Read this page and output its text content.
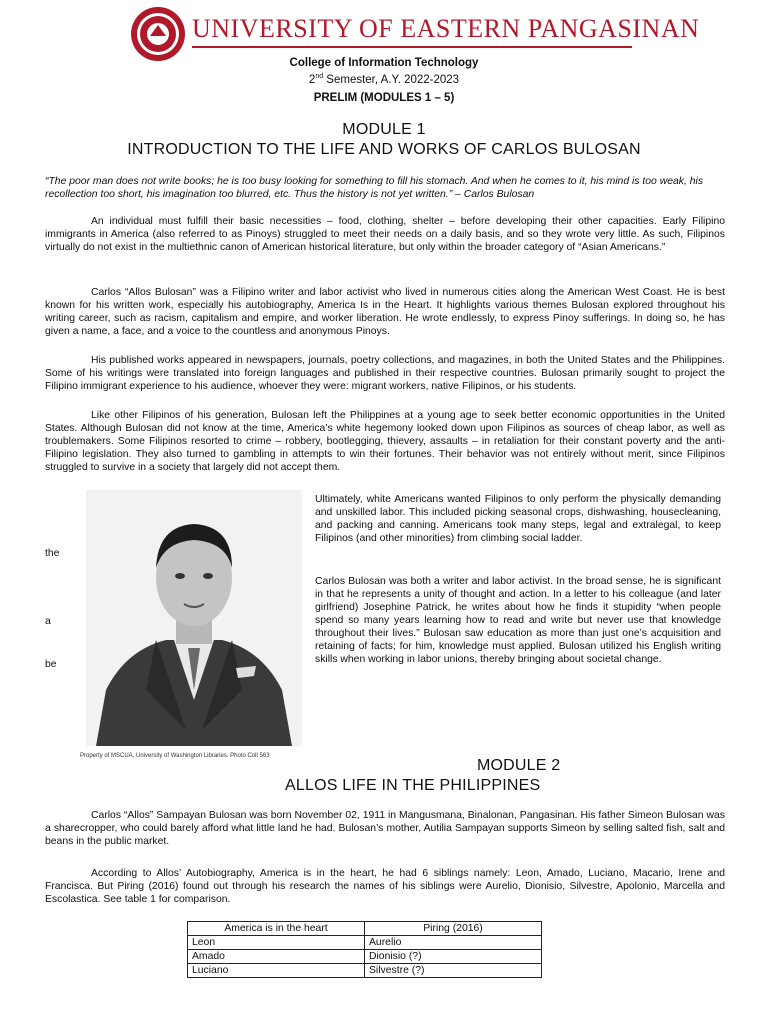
UNIVERSITY OF EASTERN PANGASINAN
College of Information Technology
2nd Semester, A.Y. 2022-2023
PRELIM (MODULES 1 – 5)
MODULE 1
INTRODUCTION TO THE LIFE AND WORKS OF CARLOS BULOSAN
“The poor man does not write books; he is too busy looking for something to fill his stomach. And when he comes to it, his mind is too weak, his recollection too short, his imagination too blurred, etc. Thus the history is not yet written.” – Carlos Bulosan
An individual must fulfill their basic necessities – food, clothing, shelter – before developing their other capacities. Early Filipino immigrants in America (also referred to as Pinoys) struggled to meet their needs on a daily basis, and so they wrote very little. As such, Filipinos virtually do not exist in the multiethnic canon of American historical literature, but only within the broader category of “Asian Americans.”
Carlos “Allos Bulosan” was a Filipino writer and labor activist who lived in numerous cities along the American West Coast. He is best known for his written work, especially his autobiography, America Is in the Heart. It highlights various themes Bulosan explored throughout his writing career, such as racism, capitalism and empire, and worker liberation. He wrote endlessly, to express Pinoy sufferings. In doing so, he has given a name, a face, and a voice to the countless and anonymous Pinoys.
His published works appeared in newspapers, journals, poetry collections, and magazines, in both the United States and the Philippines. Some of his writings were translated into foreign languages and published in their respective countries. Bulosan primarily sought to project the Filipino immigrant experience to his audience, whoever they were: migrant workers, native Filipinos, or his students.
Like other Filipinos of his generation, Bulosan left the Philippines at a young age to seek better economic opportunities in the United States. Although Bulosan did not know at the time, America’s white hegemony looked down upon Filipinos as sources of cheap labor, as well as troublemakers. Some Filipinos resorted to crime – robbery, bootlegging, thievery, assaults – in retaliation for their constant poverty and the anti-Filipino legislation. They also turned to gambling in attempts to win their fortunes. Their behavior was not entirely without merit, since Filipinos struggled to survive in a society that largely did not accept them.
Property of MSCUA, University of Washington Libraries. Photo Coll 563
the
a
be
Ultimately, white Americans wanted Filipinos to only perform the physically demanding and unskilled labor. This included picking seasonal crops, dishwashing, housecleaning, and packing and canning. Americans took many steps, legal and extralegal, to keep Filipinos (and other minorities) from climbing social ladder.
Carlos Bulosan was both a writer and labor activist. In the broad sense, he is significant in that he represents a unity of thought and action. In a letter to his colleague (and later girlfriend) Josephine Patrick, he writes about how he finds it stupidity “when people spend so many years learning how to read and write but never use that knowledge throughout their lives.” Bulosan saw education as more than just one’s acquisition and retaining of facts; for him, knowledge must applied. Bulosan utilized his English writing skills when working in labor unions, thereby bringing about societal change.
MODULE 2
ALLOS LIFE IN THE PHILIPPINES
Carlos “Allos” Sampayan Bulosan was born November 02, 1911 in Mangusmana, Binalonan, Pangasinan. His father Simeon Bulosan was a sharecropper, who could barely afford what little land he had. Bulosan’s mother, Autilia Sampayan supports Simeon by selling salted fish, salt and beans in the public market.
According to Allos’ Autobiography, America is in the heart, he had 6 siblings namely: Leon, Amado, Luciano, Macario, Irene and Francisca. But Piring (2016) found out through his research the names of his siblings were Aurelio, Dionisio, Silvestre, Apolonio, Marcella and Escolastica. See table 1 for comparison.
America is in the heart	Piring (2016)
Leon	Aurelio
Amado	Dionisio (?)
Luciano	Silvestre (?)
